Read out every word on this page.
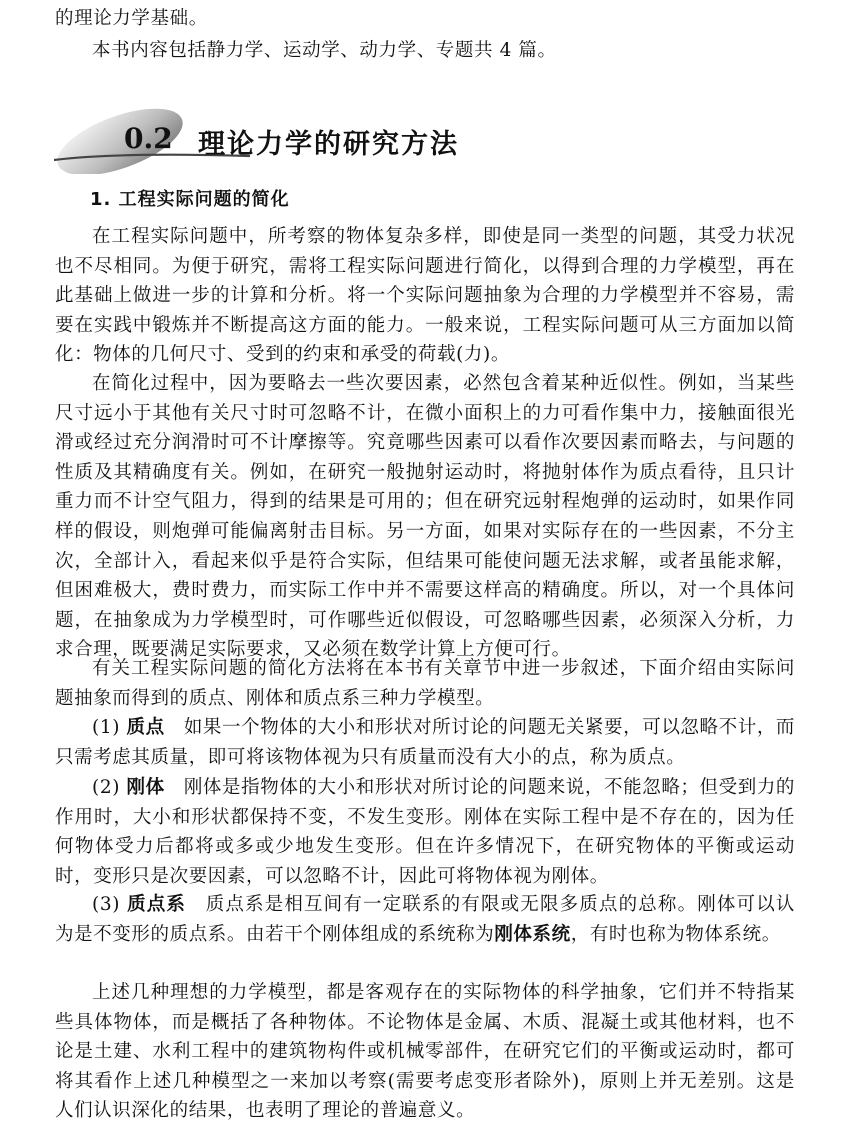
的理论力学基础。

本书内容包括静力学、运动学、动力学、专题共 4 篇。

0.2 理论力学的研究方法
1. 工程实际问题的简化

在工程实际问题中，所考察的物体复杂多样，即使是同一类型的问题，其受力状况也不尽相同。为便于研究，需将工程实际问题进行简化，以得到合理的力学模型，再在此基础上做进一步的计算和分析。将一个实际问题抽象为合理的力学模型并不容易，需要在实践中锻炼并不断提高这方面的能力。一般来说，工程实际问题可从三方面加以简化：物体的几何尺寸、受到的约束和承受的荷载(力)。

在简化过程中，因为要略去一些次要因素，必然包含着某种近似性。例如，当某些尺寸远小于其他有关尺寸时可忽略不计，在微小面积上的力可看作集中力，接触面很光滑或经过充分润滑时可不计摩擦等。究竟哪些因素可以看作次要因素而略去，与问题的性质及其精确度有关。例如，在研究一般抛射运动时，将抛射体作为质点看待，且只计重力而不计空气阻力，得到的结果是可用的；但在研究远射程炮弹的运动时，如果作同样的假设，则炮弹可能偏离射击目标。另一方面，如果对实际存在的一些因素，不分主次，全部计入，看起来似乎是符合实际，但结果可能使问题无法求解，或者虽能求解，但困难极大，费时费力，而实际工作中并不需要这样高的精确度。所以，对一个具体问题，在抽象成为力学模型时，可作哪些近似假设，可忽略哪些因素，必须深入分析，力求合理，既要满足实际要求，又必须在数学计算上方便可行。

有关工程实际问题的简化方法将在本书有关章节中进一步叙述，下面介绍由实际问题抽象而得到的质点、刚体和质点系三种力学模型。

(1) 质点　 如果一个物体的大小和形状对所讨论的问题无关紧要，可以忽略不计，而只需考虑其质量，即可将该物体视为只有质量而没有大小的点，称为质点。

(2) 刚体　 刚体是指物体的大小和形状对所讨论的问题来说，不能忽略；但受到力的作用时，大小和形状都保持不变，不发生变形。刚体在实际工程中是不存在的，因为任何物体受力后都将或多或少地发生变形。但在许多情况下，在研究物体的平衡或运动时，变形只是次要因素，可以忽略不计，因此可将物体视为刚体。

(3) 质点系　 质点系是相互间有一定联系的有限或无限多质点的总称。刚体可以认为是不变形的质点系。由若干个刚体组成的系统称为刚体系统，有时也称为物体系统。

上述几种理想的力学模型，都是客观存在的实际物体的科学抽象，它们并不特指某些具体物体，而是概括了各种物体。不论物体是金属、木质、混凝土或其他材料，也不论是土建、水利工程中的建筑物构件或机械零部件，在研究它们的平衡或运动时，都可将其看作上述几种模型之一来加以考察(需要考虑变形者除外)，原则上并无差别。这是人们认识深化的结果，也表明了理论的普遍意义。
